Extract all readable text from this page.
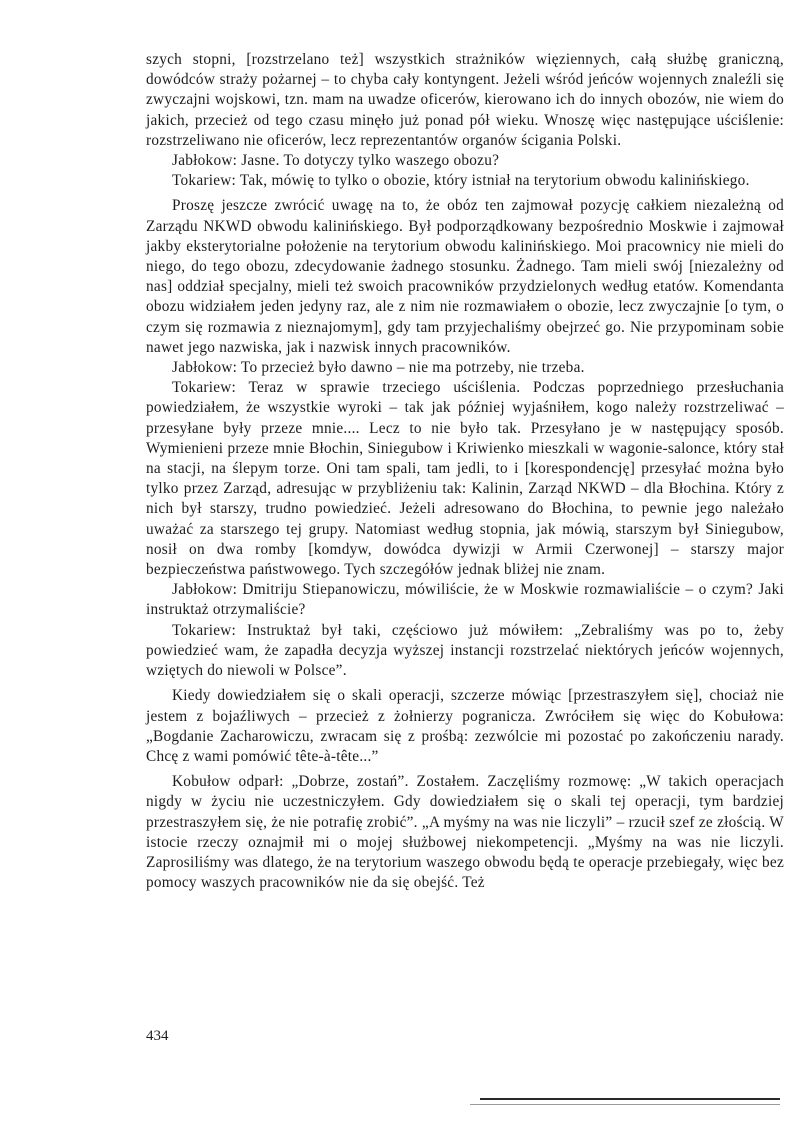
szych stopni, [rozstrzelano też] wszystkich strażników więziennych, całą służbę graniczną, dowódców straży pożarnej – to chyba cały kontyngent. Jeżeli wśród jeńców wojennych znaleźli się zwyczajni wojskowi, tzn. mam na uwadze oficerów, kierowano ich do innych obozów, nie wiem do jakich, przecież od tego czasu minęło już ponad pół wieku. Wnoszę więc następujące uściślenie: rozstrzeliwano nie oficerów, lecz reprezentantów organów ścigania Polski.

Jabłokow: Jasne. To dotyczy tylko waszego obozu?

Tokariew: Tak, mówię to tylko o obozie, który istniał na terytorium obwodu kalinińskiego.

Proszę jeszcze zwrócić uwagę na to, że obóz ten zajmował pozycję całkiem niezależną od Zarządu NKWD obwodu kalinińskiego. Był podporządkowany bezpośrednio Moskwie i zajmował jakby eksterytorialne położenie na terytorium obwodu kalinińskiego. Moi pracownicy nie mieli do niego, do tego obozu, zdecydowanie żadnego stosunku. Żadnego. Tam mieli swój [niezależny od nas] oddział specjalny, mieli też swoich pracowników przydzielonych według etatów. Komendanta obozu widziałem jeden jedyny raz, ale z nim nie rozmawiałem o obozie, lecz zwyczajnie [o tym, o czym się rozmawia z nieznajomym], gdy tam przyjechaliśmy obejrzeć go. Nie przypominam sobie nawet jego nazwiska, jak i nazwisk innych pracowników.

Jabłokow: To przecież było dawno – nie ma potrzeby, nie trzeba.

Tokariew: Teraz w sprawie trzeciego uściślenia. Podczas poprzedniego przesłuchania powiedziałem, że wszystkie wyroki – tak jak później wyjaśniłem, kogo należy rozstrzeliwać – przesyłane były przeze mnie.... Lecz to nie było tak. Przesyłano je w następujący sposób. Wymienieni przeze mnie Błochin, Siniegubow i Kriwienko mieszkali w wagonie-salonce, który stał na stacji, na ślepym torze. Oni tam spali, tam jedli, to i [korespondencję] przesyłać można było tylko przez Zarząd, adresując w przybliżeniu tak: Kalinin, Zarząd NKWD – dla Błochina. Który z nich był starszy, trudno powiedzieć. Jeżeli adresowano do Błochina, to pewnie jego należało uważać za starszego tej grupy. Natomiast według stopnia, jak mówią, starszym był Siniegubow, nosił on dwa romby [komdyw, dowódca dywizji w Armii Czerwonej] – starszy major bezpieczeństwa państwowego. Tych szczegółów jednak bliżej nie znam.

Jabłokow: Dmitriju Stiepanowiczu, mówiliście, że w Moskwie rozmawialiście – o czym? Jaki instruktaż otrzymaliście?

Tokariew: Instruktaż był taki, częściowo już mówiłem: „Zebraliśmy was po to, żeby powiedzieć wam, że zapadła decyzja wyższej instancji rozstrzelać niektórych jeńców wojennych, wziętych do niewoli w Polsce”.

Kiedy dowiedziałem się o skali operacji, szczerze mówiąc [przestraszyłem się], chociaż nie jestem z bojaźliwych – przecież z żołnierzy pogranicza. Zwróciłem się więc do Kobułowa: „Bogdanie Zacharowiczu, zwracam się z prośbą: zezwólcie mi pozostać po zakończeniu narady. Chcę z wami pomówić tête-à-tête...”

Kobułow odparł: „Dobrze, zostań”. Zostałem. Zaczęliśmy rozmowę: „W takich operacjach nigdy w życiu nie uczestniczyłem. Gdy dowiedziałem się o skali tej operacji, tym bardziej przestraszyłem się, że nie potrafię zrobić”. „A myśmy na was nie liczyli” – rzucił szef ze złością. W istocie rzeczy oznajmił mi o mojej służbowej niekompetencji. „Myśmy na was nie liczyli. Zaprosiliśmy was dlatego, że na terytorium waszego obwodu będą te operacje przebiegały, więc bez pomocy waszych pracowników nie da się obejść. Też

434
